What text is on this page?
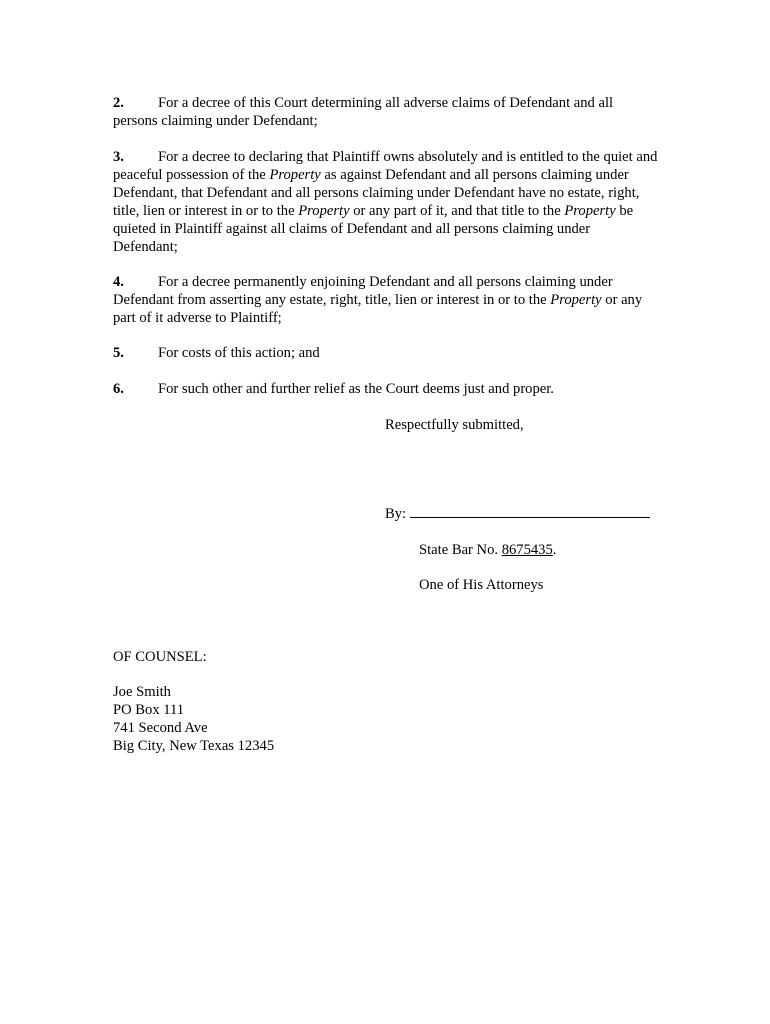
2. For a decree of this Court determining all adverse claims of Defendant and all persons claiming under Defendant;

3. For a decree to declaring that Plaintiff owns absolutely and is entitled to the quiet and peaceful possession of the Property as against Defendant and all persons claiming under Defendant, that Defendant and all persons claiming under Defendant have no estate, right, title, lien or interest in or to the Property or any part of it, and that title to the Property be quieted in Plaintiff against all claims of Defendant and all persons claiming under Defendant;

4. For a decree permanently enjoining Defendant and all persons claiming under Defendant from asserting any estate, right, title, lien or interest in or to the Property or any part of it adverse to Plaintiff;

5. For costs of this action; and

6. For such other and further relief as the Court deems just and proper.

Respectfully submitted,

By:

State Bar No. 8675435.

One of His Attorneys

OF COUNSEL:

Joe Smith
PO Box 111
741 Second Ave
Big City, New Texas 12345
